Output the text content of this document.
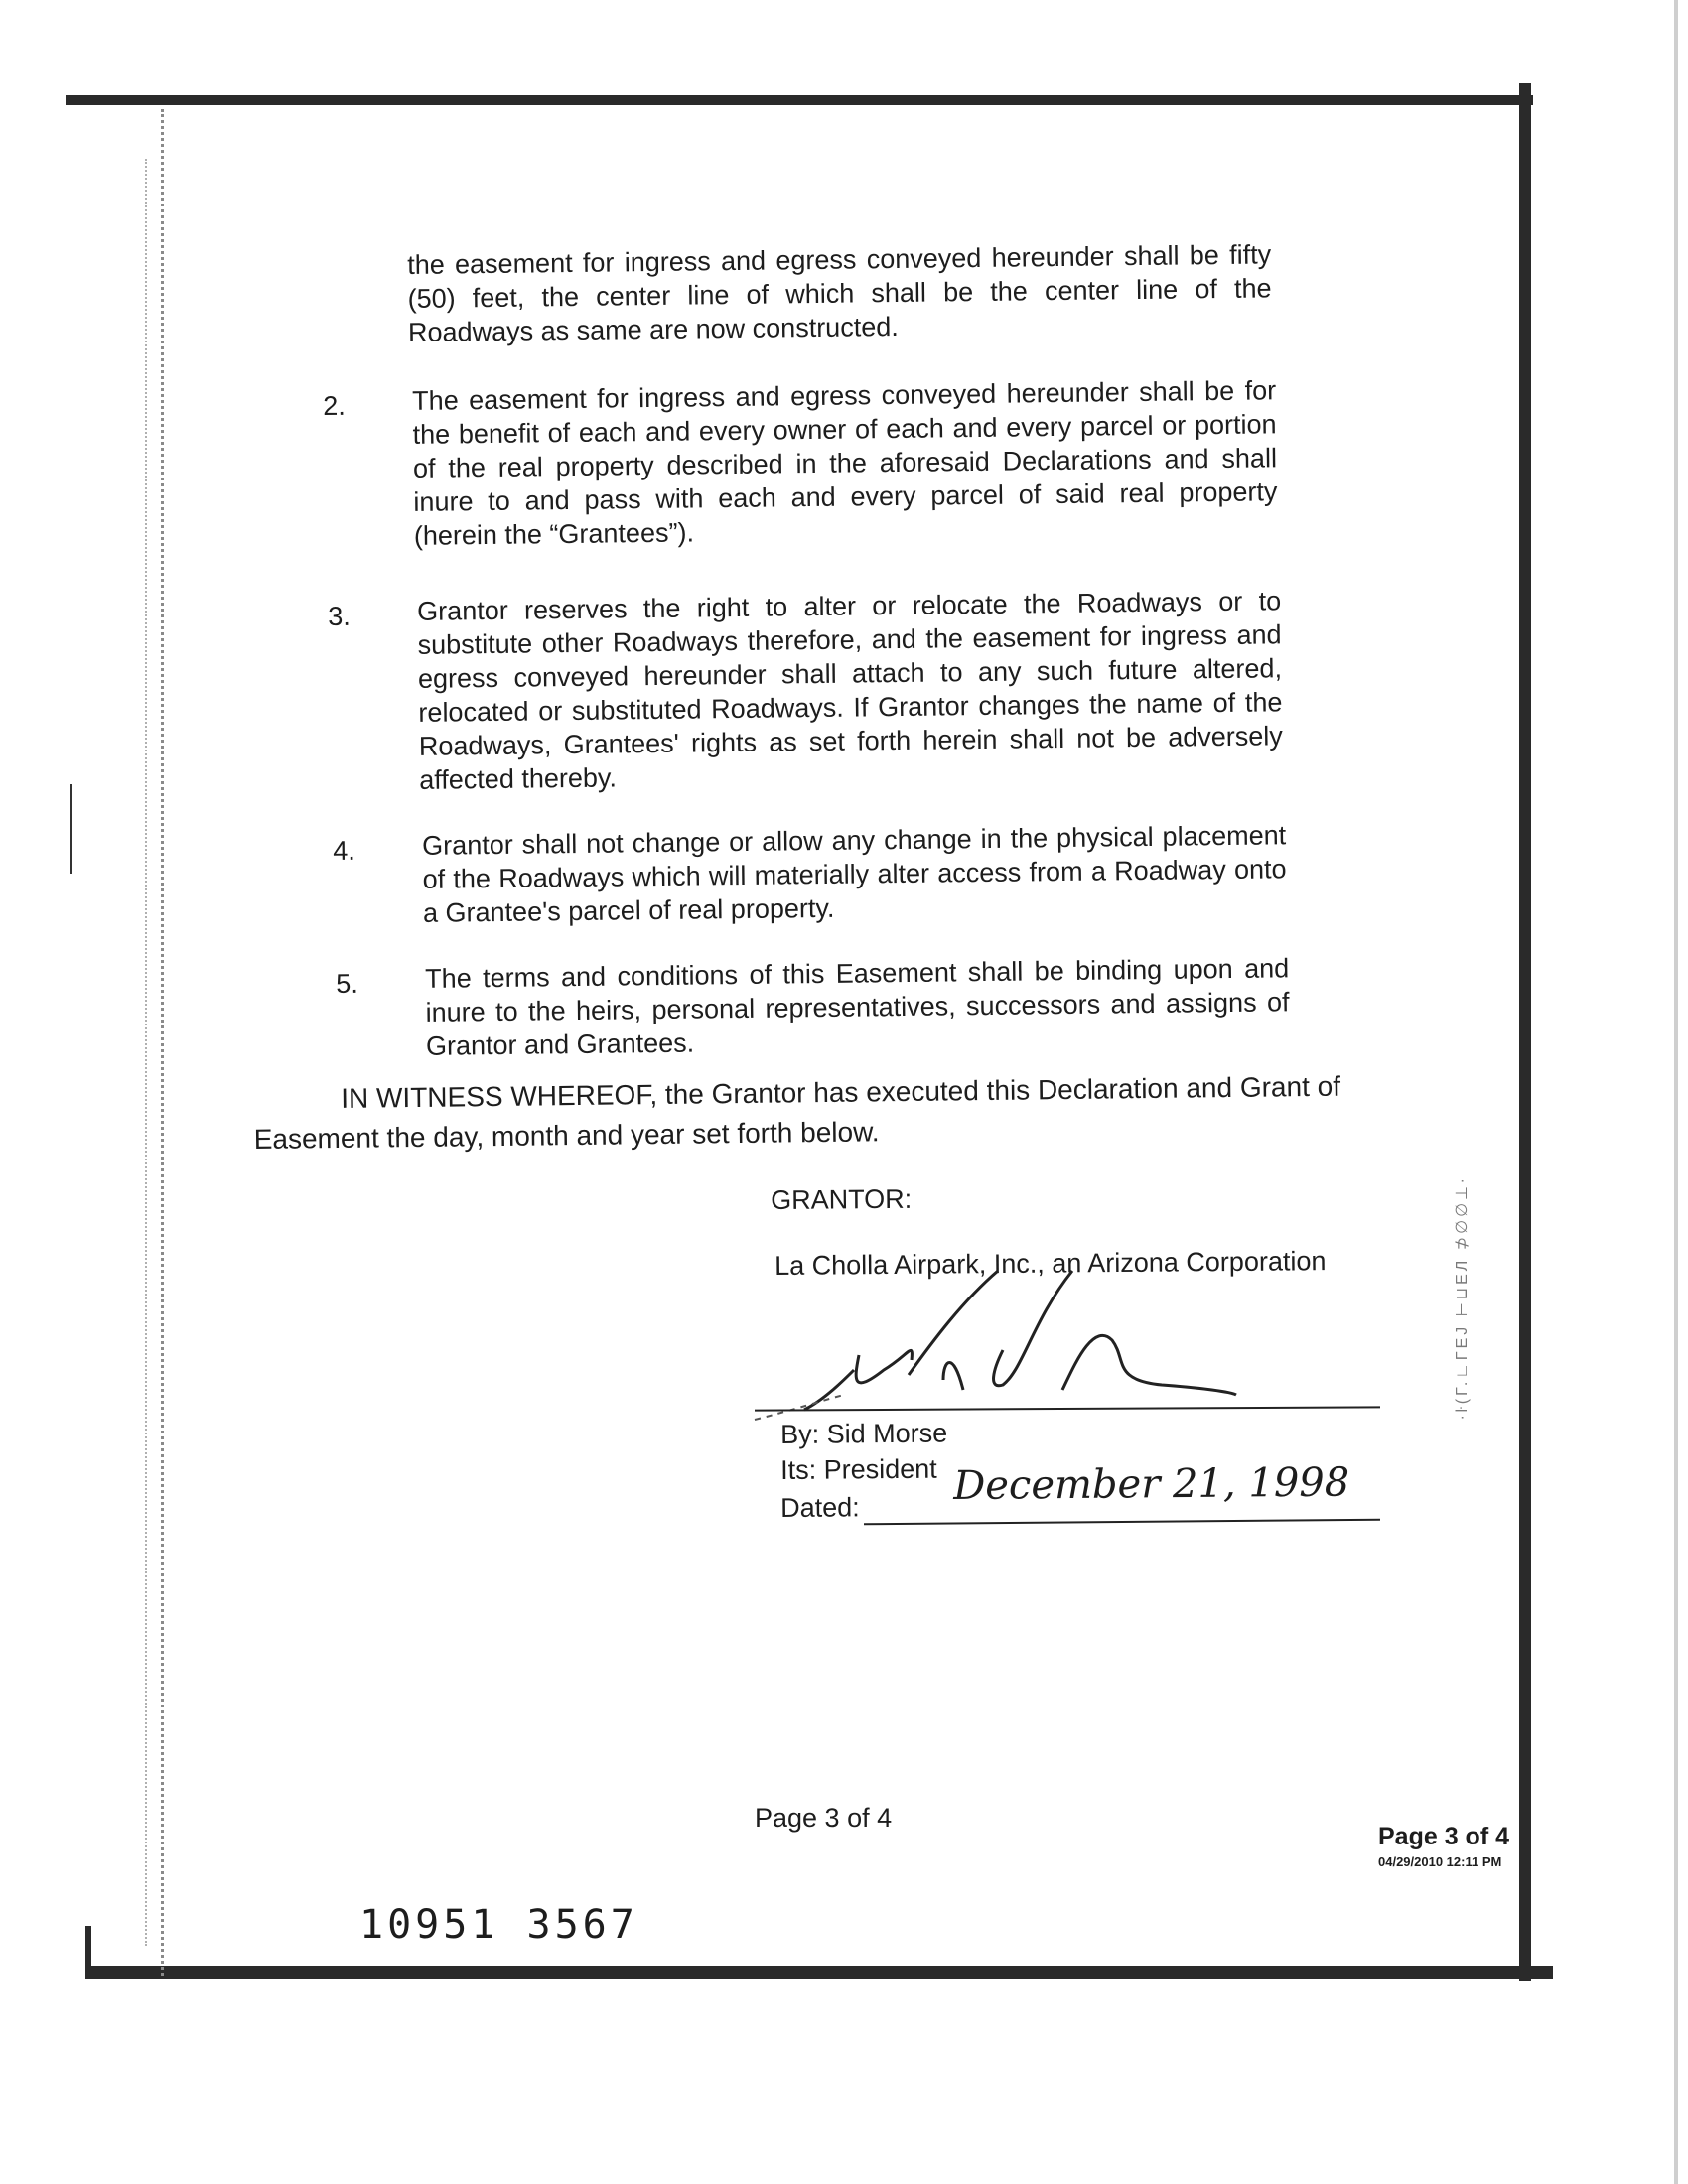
the easement for ingress and egress conveyed hereunder shall be fifty (50) feet, the center line of which shall be the center line of the Roadways as same are now constructed.
2. The easement for ingress and egress conveyed hereunder shall be for the benefit of each and every owner of each and every parcel or portion of the real property described in the aforesaid Declarations and shall inure to and pass with each and every parcel of said real property (herein the “Grantees”).
3. Grantor reserves the right to alter or relocate the Roadways or to substitute other Roadways therefore, and the easement for ingress and egress conveyed hereunder shall attach to any such future altered, relocated or substituted Roadways. If Grantor changes the name of the Roadways, Grantees' rights as set forth herein shall not be adversely affected thereby.
4. Grantor shall not change or allow any change in the physical placement of the Roadways which will materially alter access from a Roadway onto a Grantee's parcel of real property.
5. The terms and conditions of this Easement shall be binding upon and inure to the heirs, personal representatives, successors and assigns of Grantor and Grantees.
IN WITNESS WHEREOF, the Grantor has executed this Declaration and Grant of Easement the day, month and year set forth below.
GRANTOR:
La Cholla Airpark, Inc., an Arizona Corporation
By: Sid Morse
Its: President
Dated: December 21, 1998
Page 3 of 4
Page 3 of 4
04/29/2010 12:11 PM
10951 3567
∙ŀ(Г.∟ГЕJ ⊢⊔ЕЛ ⊅∅∅⊥∙
